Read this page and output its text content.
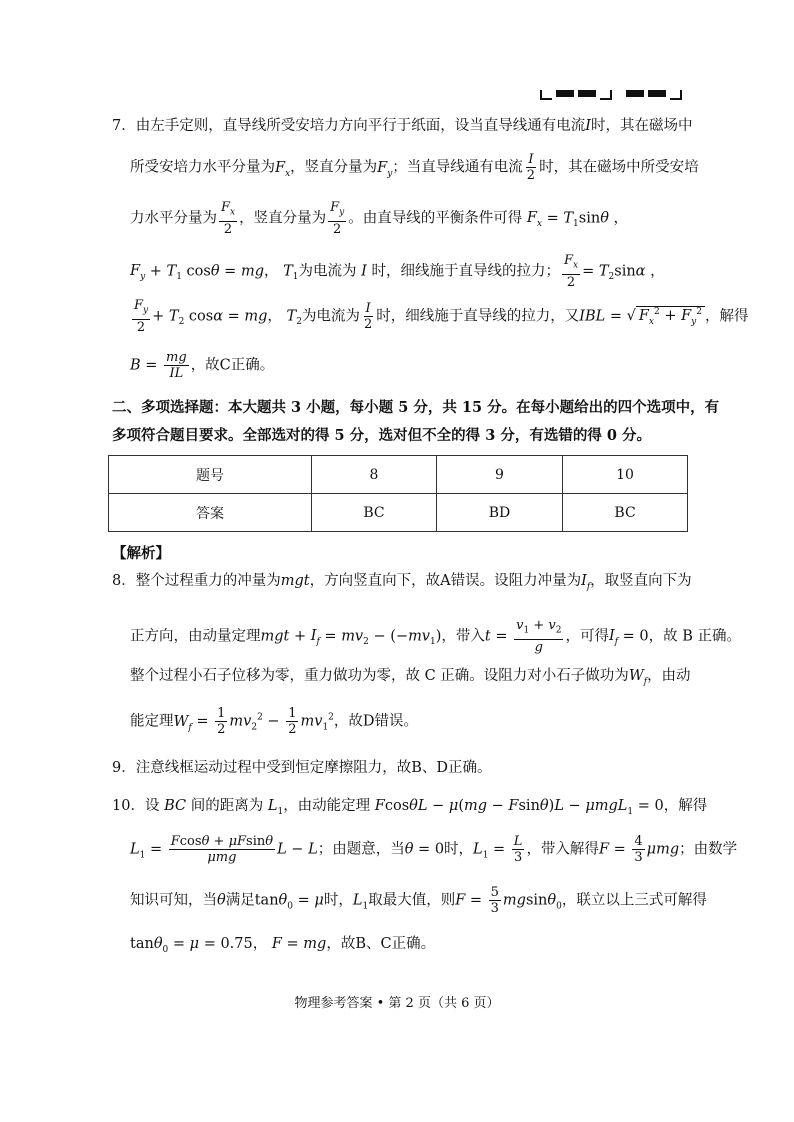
7．由左手定则，直导线所受安培力方向平行于纸面，设当直导线通有电流I时，其在磁场中
所受安培力水平分量为$F_x$，竖直分量为$F_y$；当直导线通有电流 $\frac{I}{2}$ 时，其在磁场中所受安培
力水平分量为 $\frac{F_x}{2}$ ，竖直分量为 $\frac{F_y}{2}$ 。由直导线的平衡条件可得 $F_x = T_1\sin\theta$ ，
$F_y + T_1$ cosθ = mg， $T_1$为电流为 I 时，细线施于直导线的拉力； $\frac{F_x}{2} = T_2\sin\alpha$ ，
$\frac{F_y}{2} + T_2$ cosα = mg， $T_2$为电流为 $\frac{I}{2}$ 时，细线施于直导线的拉力，又IBL = √ $F_x^2 + F_y^2$ ，解得
$B = \frac{mg}{IL}$ ，故C正确。
二、多项选择题：本大题共 3 小题，每小题 5 分，共 15 分。在每小题给出的四个选项中，有
多项符合题目要求。全部选对的得 5 分，选对但不全的得 3 分，有选错的得 0 分。
题号	8	9	10
答案	BC	BD	BC
【解析】
8．整个过程重力的冲量为mgt，方向竖直向下，故A错误。设阻力冲量为$I_f$，取竖直向下为
正方向，由动量定理mgt + $I_f = mv_2 - (-mv_1)$，带入$t = \frac{v_1 + v_2}{g}$ ，可得$I_f = 0$，故 B 正确。
整个过程小石子位移为零，重力做功为零，故 C 正确。设阻力对小石子做功为$W_f$，由动
能定理$W_f = \frac{1}{2} mv_2^2 - \frac{1}{2} mv_1^2$，故D错误。
9．注意线框运动过程中受到恒定摩擦阻力，故B、D正确。
10．设 BC 间的距离为 $L_1$，由动能定理 FcosθL − μ(mg − Fsinθ)L − μmgL$_1$ = 0，解得
$L_1 = \frac{Fcos\theta + \mu Fsin\theta}{\text{μmg}}$ L − L；由题意，当θ = 0时，$L_1 = \frac{L}{3}$ ，带入解得$F = \frac{4}{3}$ μmg；由数学
知识可知，当θ满足tanθ$_0$ = μ时，$L_1$取最大值，则$F = \frac{5}{3} mgsin\theta_0$，联立以上三式可解得
tanθ$_0$ = μ = 0.75， F = mg，故B、C正确。
物理参考答案 • 第 2 页（共 6 页）
